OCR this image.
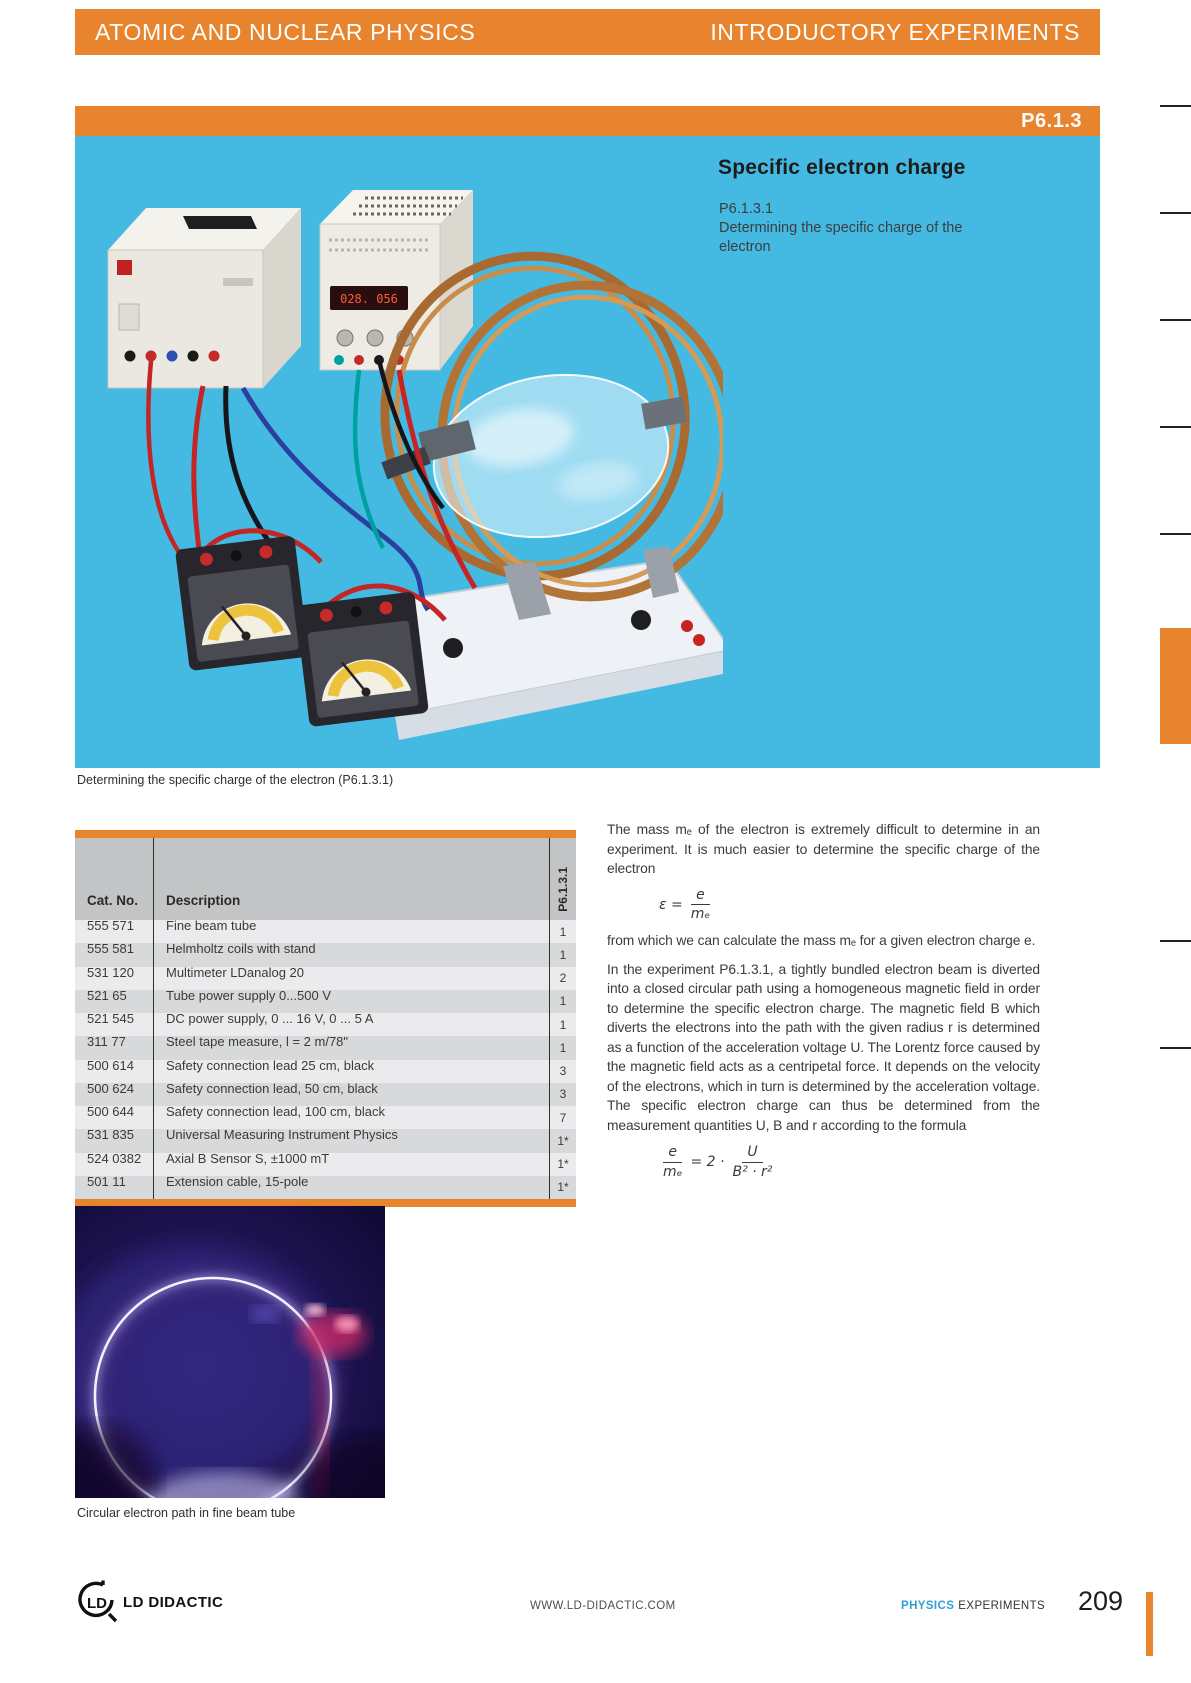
ATOMIC AND NUCLEAR PHYSICS	INTRODUCTORY EXPERIMENTS
P6.1.3
028. 056
Specific electron charge
P6.1.3.1
Determining the specific charge of the electron
Determining the specific charge of the electron (P6.1.3.1)
Cat. No.	Description	P6.1.3.1
555 571	Fine beam tube	1
555 581	Helmholtz coils with stand	1
531 120	Multimeter LDanalog 20	2
521 65	Tube power supply 0...500 V	1
521 545	DC power supply, 0 ... 16 V, 0 ... 5 A	1
311 77	Steel tape measure, l = 2 m/78"	1
500 614	Safety connection lead 25 cm, black	3
500 624	Safety connection lead, 50 cm, black	3
500 644	Safety connection lead, 100 cm, black	7
531 835	Universal Measuring Instrument Physics	1*
524 0382	Axial B Sensor S, ±1000 mT	1*
501 11	Extension cable, 15-pole	1*

The mass mₑ of the electron is extremely difficult to determine in an experiment. It is much easier to determine the specific charge of the electron

$\varepsilon = \frac{e}{\text{mₑ}}$

from which we can calculate the mass mₑ for a given electron charge e.

In the experiment P6.1.3.1, a tightly bundled electron beam is diverted into a closed circular path using a homogeneous magnetic field in order to determine the specific electron charge. The magnetic field B which diverts the electrons into the path with the given radius r is determined as a function of the acceleration voltage U. The Lorentz force caused by the magnetic field acts as a centripetal force. It depends on the velocity of the electrons, which in turn is determined by the acceleration voltage. The specific electron charge can thus be determined from the measurement quantities U, B and r according to the formula

$\frac{e}{\text{mₑ}} = 2 \cdot \frac{U}{\text{B² · r²}}$
Circular electron path in fine beam tube
LD LD DIDACTIC	WWW.LD-DIDACTIC.COM	PHYSICS EXPERIMENTS 209
